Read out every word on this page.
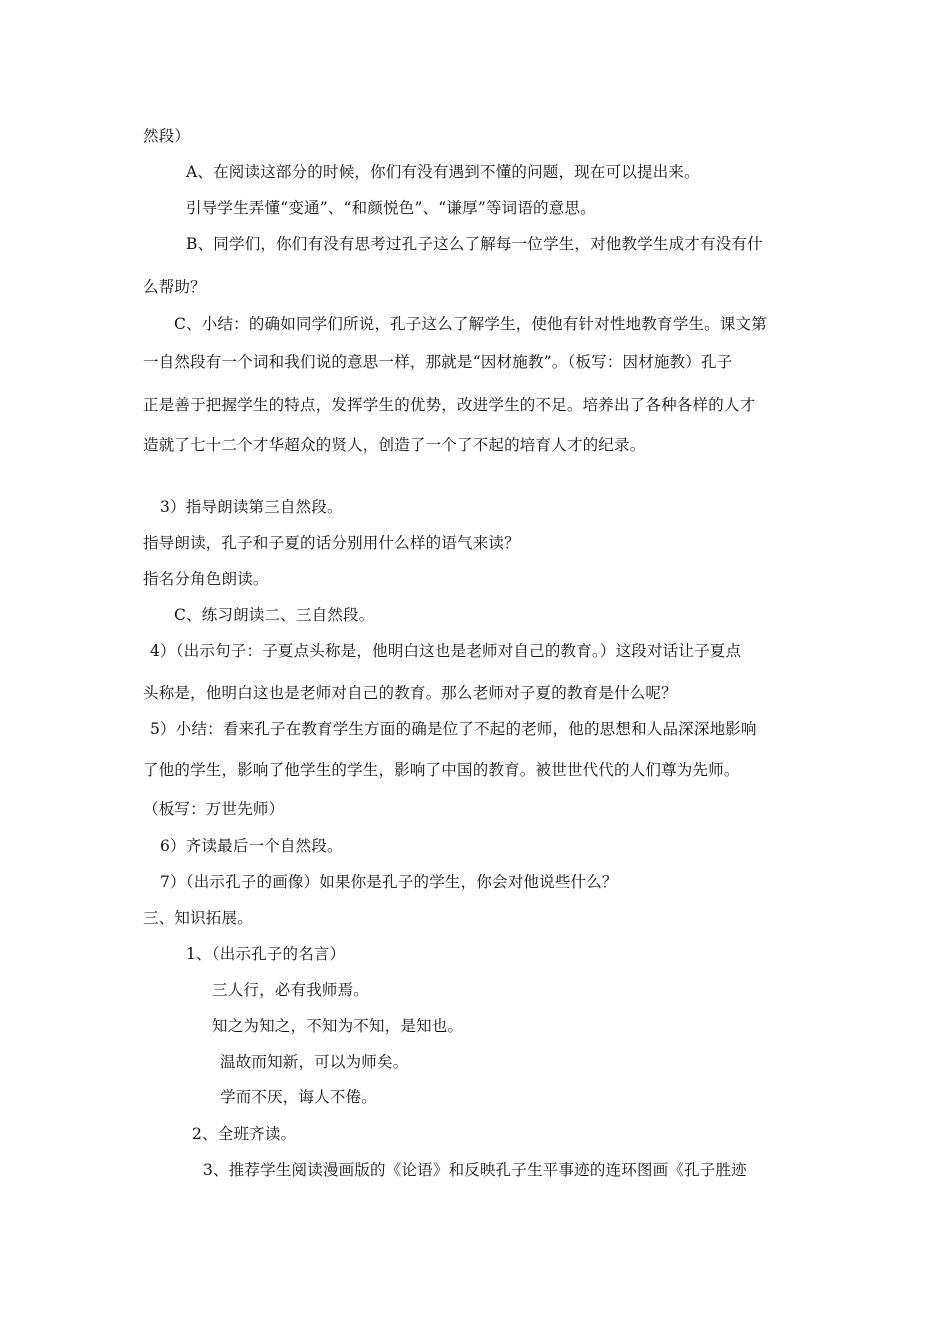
然段）
A、在阅读这部分的时候，你们有没有遇到不懂的问题，现在可以提出来。
引导学生弄懂“变通”、“和颜悦色”、“谦厚”等词语的意思。
B、同学们，你们有没有思考过孔子这么了解每一位学生，对他教学生成才有没有什
么帮助？
C、小结：的确如同学们所说，孔子这么了解学生，使他有针对性地教育学生。课文第
一自然段有一个词和我们说的意思一样，那就是“因材施教”。（板写：因材施教）孔子
正是善于把握学生的特点，发挥学生的优势，改进学生的不足。培养出了各种各样的人才
造就了七十二个才华超众的贤人，创造了一个了不起的培育人才的纪录。
3）指导朗读第三自然段。
指导朗读，孔子和子夏的话分别用什么样的语气来读？
指名分角色朗读。
C、练习朗读二、三自然段。
4）（出示句子：子夏点头称是，他明白这也是老师对自己的教育。）这段对话让子夏点
头称是，他明白这也是老师对自己的教育。那么老师对子夏的教育是什么呢？
5）小结：看来孔子在教育学生方面的确是位了不起的老师，他的思想和人品深深地影响
了他的学生，影响了他学生的学生，影响了中国的教育。被世世代代的人们尊为先师。
（板写：万世先师）
6）齐读最后一个自然段。
7）（出示孔子的画像）如果你是孔子的学生，你会对他说些什么？
三、知识拓展。
1、（出示孔子的名言）
三人行，必有我师焉。
知之为知之，不知为不知，是知也。
温故而知新，可以为师矣。
学而不厌，诲人不倦。
2、全班齐读。
3、推荐学生阅读漫画版的《论语》和反映孔子生平事迹的连环图画《孔子胜迹
